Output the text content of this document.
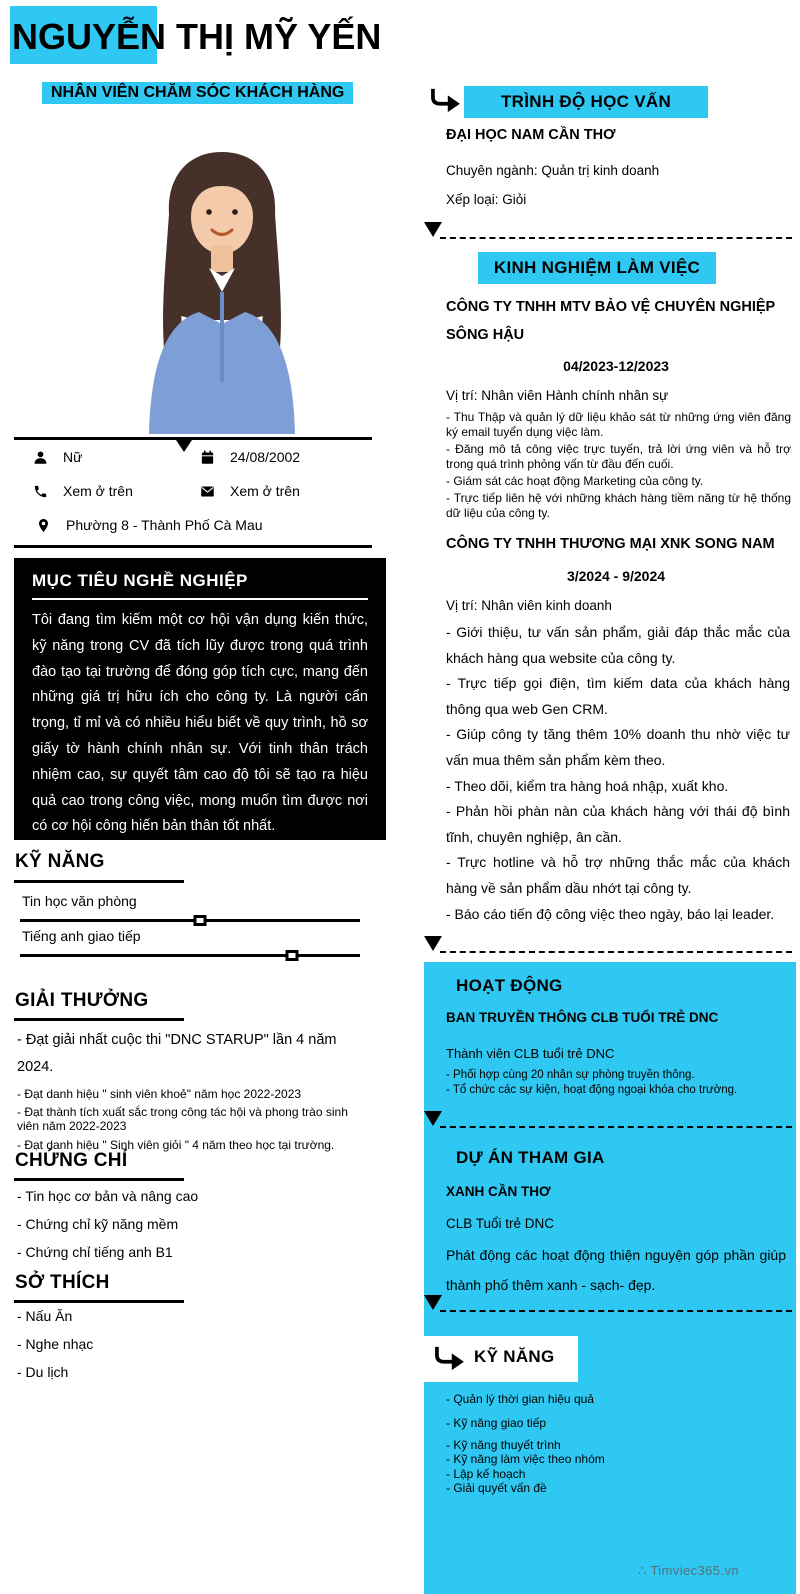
NGUYỄN THỊ MỸ YẾN
NHÂN VIÊN CHĂM SÓC KHÁCH HÀNG
Nữ	24/08/2002
Xem ở trên	Xem ở trên
Phường 8 - Thành Phố Cà Mau
MỤC TIÊU NGHỀ NGHIỆP
Tôi đang tìm kiếm một cơ hội vận dụng kiến thức, kỹ năng trong CV đã tích lũy được trong quá trình đào tạo tại trường để đóng góp tích cực, mang đến những giá trị hữu ích cho công ty. Là người cẩn trọng, tỉ mỉ và có nhiều hiểu biết về quy trình, hồ sơ giấy tờ hành chính nhân sự. Với tinh thân trách nhiệm cao, sự quyết tâm cao độ tôi sẽ tạo ra hiệu quả cao trong công việc, mong muốn tìm được nơi có cơ hội công hiến bản thân tốt nhất.
KỸ NĂNG
Tin học văn phòng
Tiếng anh giao tiếp
GIẢI THƯỞNG
- Đạt giải nhất cuộc thi "DNC STARUP" lần 4 năm 2024.
- Đạt danh hiệu " sinh viên khoẻ" năm học 2022-2023
- Đạt thành tích xuất sắc trong công tác hội và phong trào sinh viên năm 2022-2023
- Đạt danh hiệu " Sinh viên giỏi " 4 năm theo học tại trường.
CHỨNG CHỈ
- Tin học cơ bản và nâng cao
- Chứng chỉ kỹ năng mềm
- Chứng chỉ tiếng anh B1
SỞ THÍCH
- Nấu Ăn
- Nghe nhạc
- Du lịch
TRÌNH ĐỘ HỌC VẤN
ĐẠI HỌC NAM CẦN THƠ
Chuyên ngành: Quản trị kinh doanh
Xếp loại: Giỏi
KINH NGHIỆM LÀM VIỆC
CÔNG TY TNHH MTV BẢO VỆ CHUYÊN NGHIỆP SÔNG HẬU
04/2023-12/2023
Vị trí: Nhân viên Hành chính nhân sự
- Thu Thập và quản lý dữ liệu khảo sát từ những ứng viên đăng ký email tuyển dụng việc làm.
- Đăng mô tả công việc trực tuyến, trả lời ứng viên và hỗ trợ trong quá trình phỏng vấn từ đầu đến cuối.
- Giám sát các hoạt động Marketing của công ty.
- Trực tiếp liên hệ với những khách hàng tiềm năng từ hệ thống dữ liệu của công ty.
CÔNG TY TNHH THƯƠNG MẠI XNK SONG NAM
3/2024 - 9/2024
Vị trí: Nhân viên kinh doanh
- Giới thiệu, tư vấn sản phẩm, giải đáp thắc mắc của khách hàng qua website của công ty.
- Trực tiếp gọi điện, tìm kiếm data của khách hàng thông qua web Gen CRM.
- Giúp công ty tăng thêm 10% doanh thu nhờ việc tư vấn mua thêm sản phẩm kèm theo.
- Theo dõi, kiểm tra hàng hoá nhập, xuất kho.
- Phản hồi phàn nàn của khách hàng với thái độ bình tĩnh, chuyên nghiệp, ân cần.
- Trực hotline và hỗ trợ những thắc mắc của khách hàng về sản phẩm dầu nhớt tại công ty.
- Báo cáo tiến độ công việc theo ngày, báo lại leader.
HOẠT ĐỘNG
BAN TRUYỀN THÔNG CLB TUỔI TRẺ DNC
Thành viên CLB tuổi trẻ DNC
- Phối hợp cùng 20 nhân sự phòng truyền thông.
- Tổ chức các sự kiện, hoạt động ngoại khóa cho trường.
DỰ ÁN THAM GIA
XANH CẦN THƠ
CLB Tuổi trẻ DNC
Phát động các hoạt động thiện nguyện góp phần giúp thành phố thêm xanh - sạch- đẹp.
KỸ NĂNG
- Quản lý thời gian hiệu quả
- Kỹ năng giao tiếp
- Kỹ năng thuyết trình
- Kỹ năng làm việc theo nhóm
- Lập kế hoạch
- Giải quyết vấn đề
∴ Timviec365.vn
